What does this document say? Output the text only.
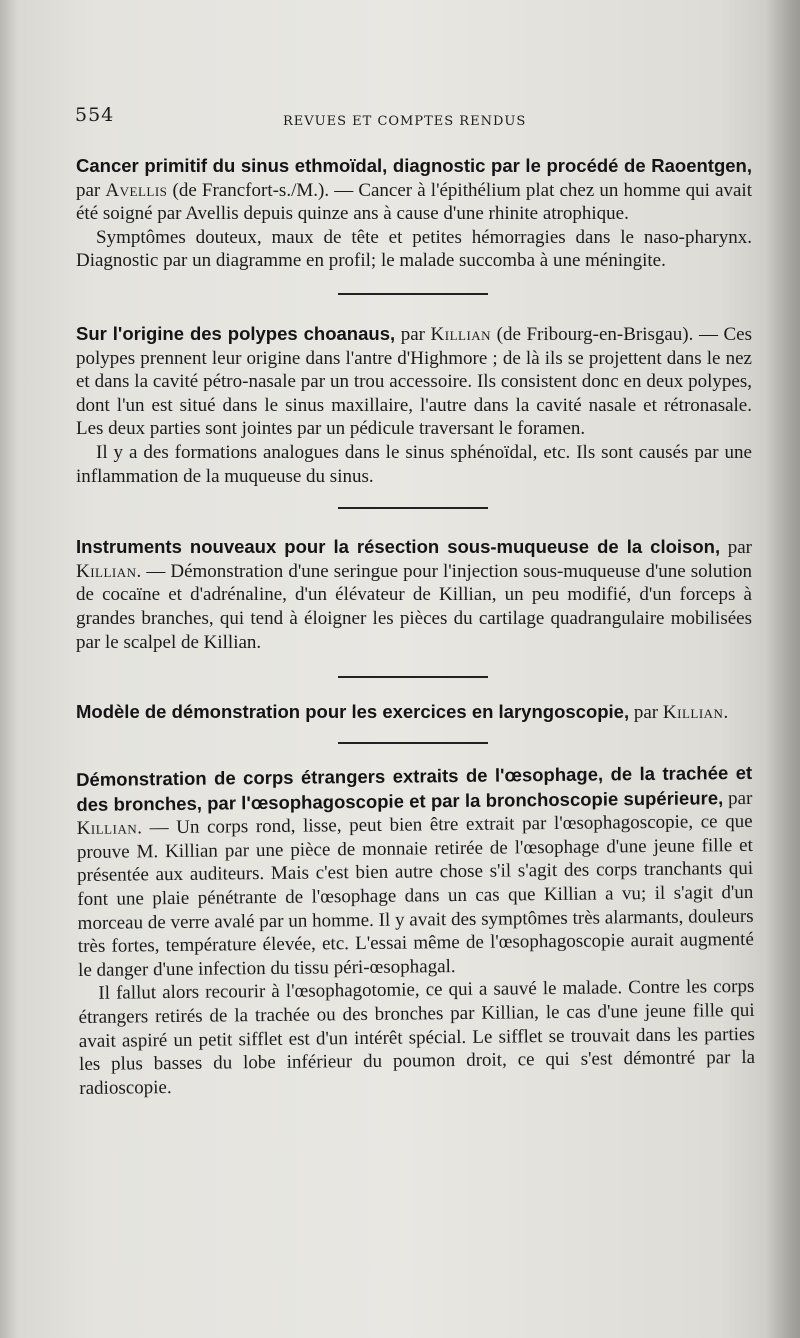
554	REVUES ET COMPTES RENDUS

Cancer primitif du sinus ethmoïdal, diagnostic par le procédé de Raoentgen, par Avellis (de Francfort-s./M.). — Cancer à l'épithélium plat chez un homme qui avait été soigné par Avellis depuis quinze ans à cause d'une rhinite atrophique.

Symptômes douteux, maux de tête et petites hémorragies dans le naso-pharynx. Diagnostic par un diagramme en profil; le malade succomba à une méningite.

Sur l'origine des polypes choanaus, par Killian (de Fribourg-en-Brisgau). — Ces polypes prennent leur origine dans l'antre d'Highmore ; de là ils se projettent dans le nez et dans la cavité pétro-nasale par un trou accessoire. Ils consistent donc en deux polypes, dont l'un est situé dans le sinus maxillaire, l'autre dans la cavité nasale et rétronasale. Les deux parties sont jointes par un pédicule traversant le foramen.

Il y a des formations analogues dans le sinus sphénoïdal, etc. Ils sont causés par une inflammation de la muqueuse du sinus.

Instruments nouveaux pour la résection sous-muqueuse de la cloison, par Killian. — Démonstration d'une seringue pour l'injection sous-muqueuse d'une solution de cocaïne et d'adrénaline, d'un élévateur de Killian, un peu modifié, d'un forceps à grandes branches, qui tend à éloigner les pièces du cartilage quadrangulaire mobilisées par le scalpel de Killian.

Modèle de démonstration pour les exercices en laryngoscopie, par Killian.

Démonstration de corps étrangers extraits de l'œsophage, de la trachée et des bronches, par l'œsophagoscopie et par la bronchoscopie supérieure, par Killian. — Un corps rond, lisse, peut bien être extrait par l'œsophagoscopie, ce que prouve M. Killian par une pièce de monnaie retirée de l'œsophage d'une jeune fille et présentée aux auditeurs. Mais c'est bien autre chose s'il s'agit des corps tranchants qui font une plaie pénétrante de l'œsophage dans un cas que Killian a vu; il s'agit d'un morceau de verre avalé par un homme. Il y avait des symptômes très alarmants, douleurs très fortes, température élevée, etc. L'essai même de l'œsophagoscopie aurait augmenté le danger d'une infection du tissu péri-œsophagal.

Il fallut alors recourir à l'œsophagotomie, ce qui a sauvé le malade. Contre les corps étrangers retirés de la trachée ou des bronches par Killian, le cas d'une jeune fille qui avait aspiré un petit sifflet est d'un intérêt spécial. Le sifflet se trouvait dans les parties les plus basses du lobe inférieur du poumon droit, ce qui s'est démontré par la radioscopie.
